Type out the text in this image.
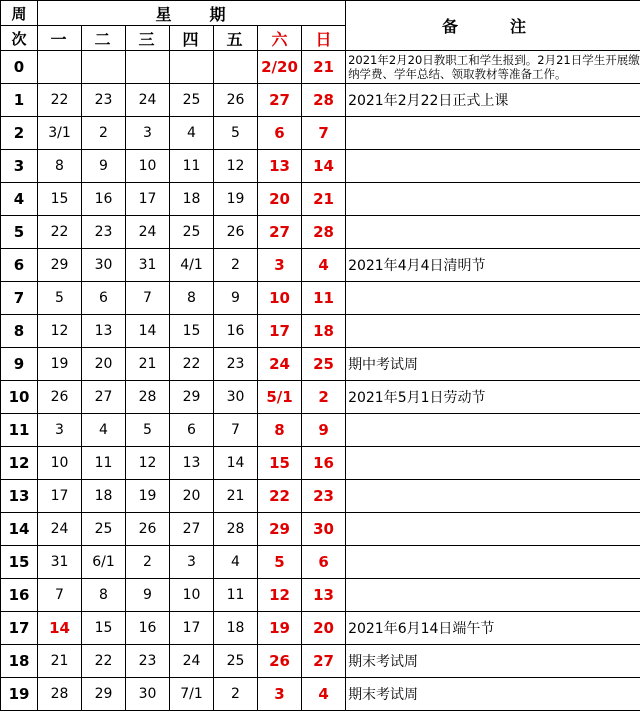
周	星　　期							备　注
次	一	二	三	四	五	六	日	
0						2/20	21	2021年2月20日教职工和学生报到。2月21日学生开展缴纳学费、学年总结、领取教材等准备工作。
1	22	23	24	25	26	27	28	2021年2月22日正式上课
2	3/1	2	3	4	5	6	7	
3	8	9	10	11	12	13	14	
4	15	16	17	18	19	20	21	
5	22	23	24	25	26	27	28	
6	29	30	31	4/1	2	3	4	2021年4月4日清明节
7	5	6	7	8	9	10	11	
8	12	13	14	15	16	17	18	
9	19	20	21	22	23	24	25	期中考试周
10	26	27	28	29	30	5/1	2	2021年5月1日劳动节
11	3	4	5	6	7	8	9	
12	10	11	12	13	14	15	16	
13	17	18	19	20	21	22	23	
14	24	25	26	27	28	29	30	
15	31	6/1	2	3	4	5	6	
16	7	8	9	10	11	12	13	
17	14	15	16	17	18	19	20	2021年6月14日端午节
18	21	22	23	24	25	26	27	期末考试周
19	28	29	30	7/1	2	3	4	期末考试周
